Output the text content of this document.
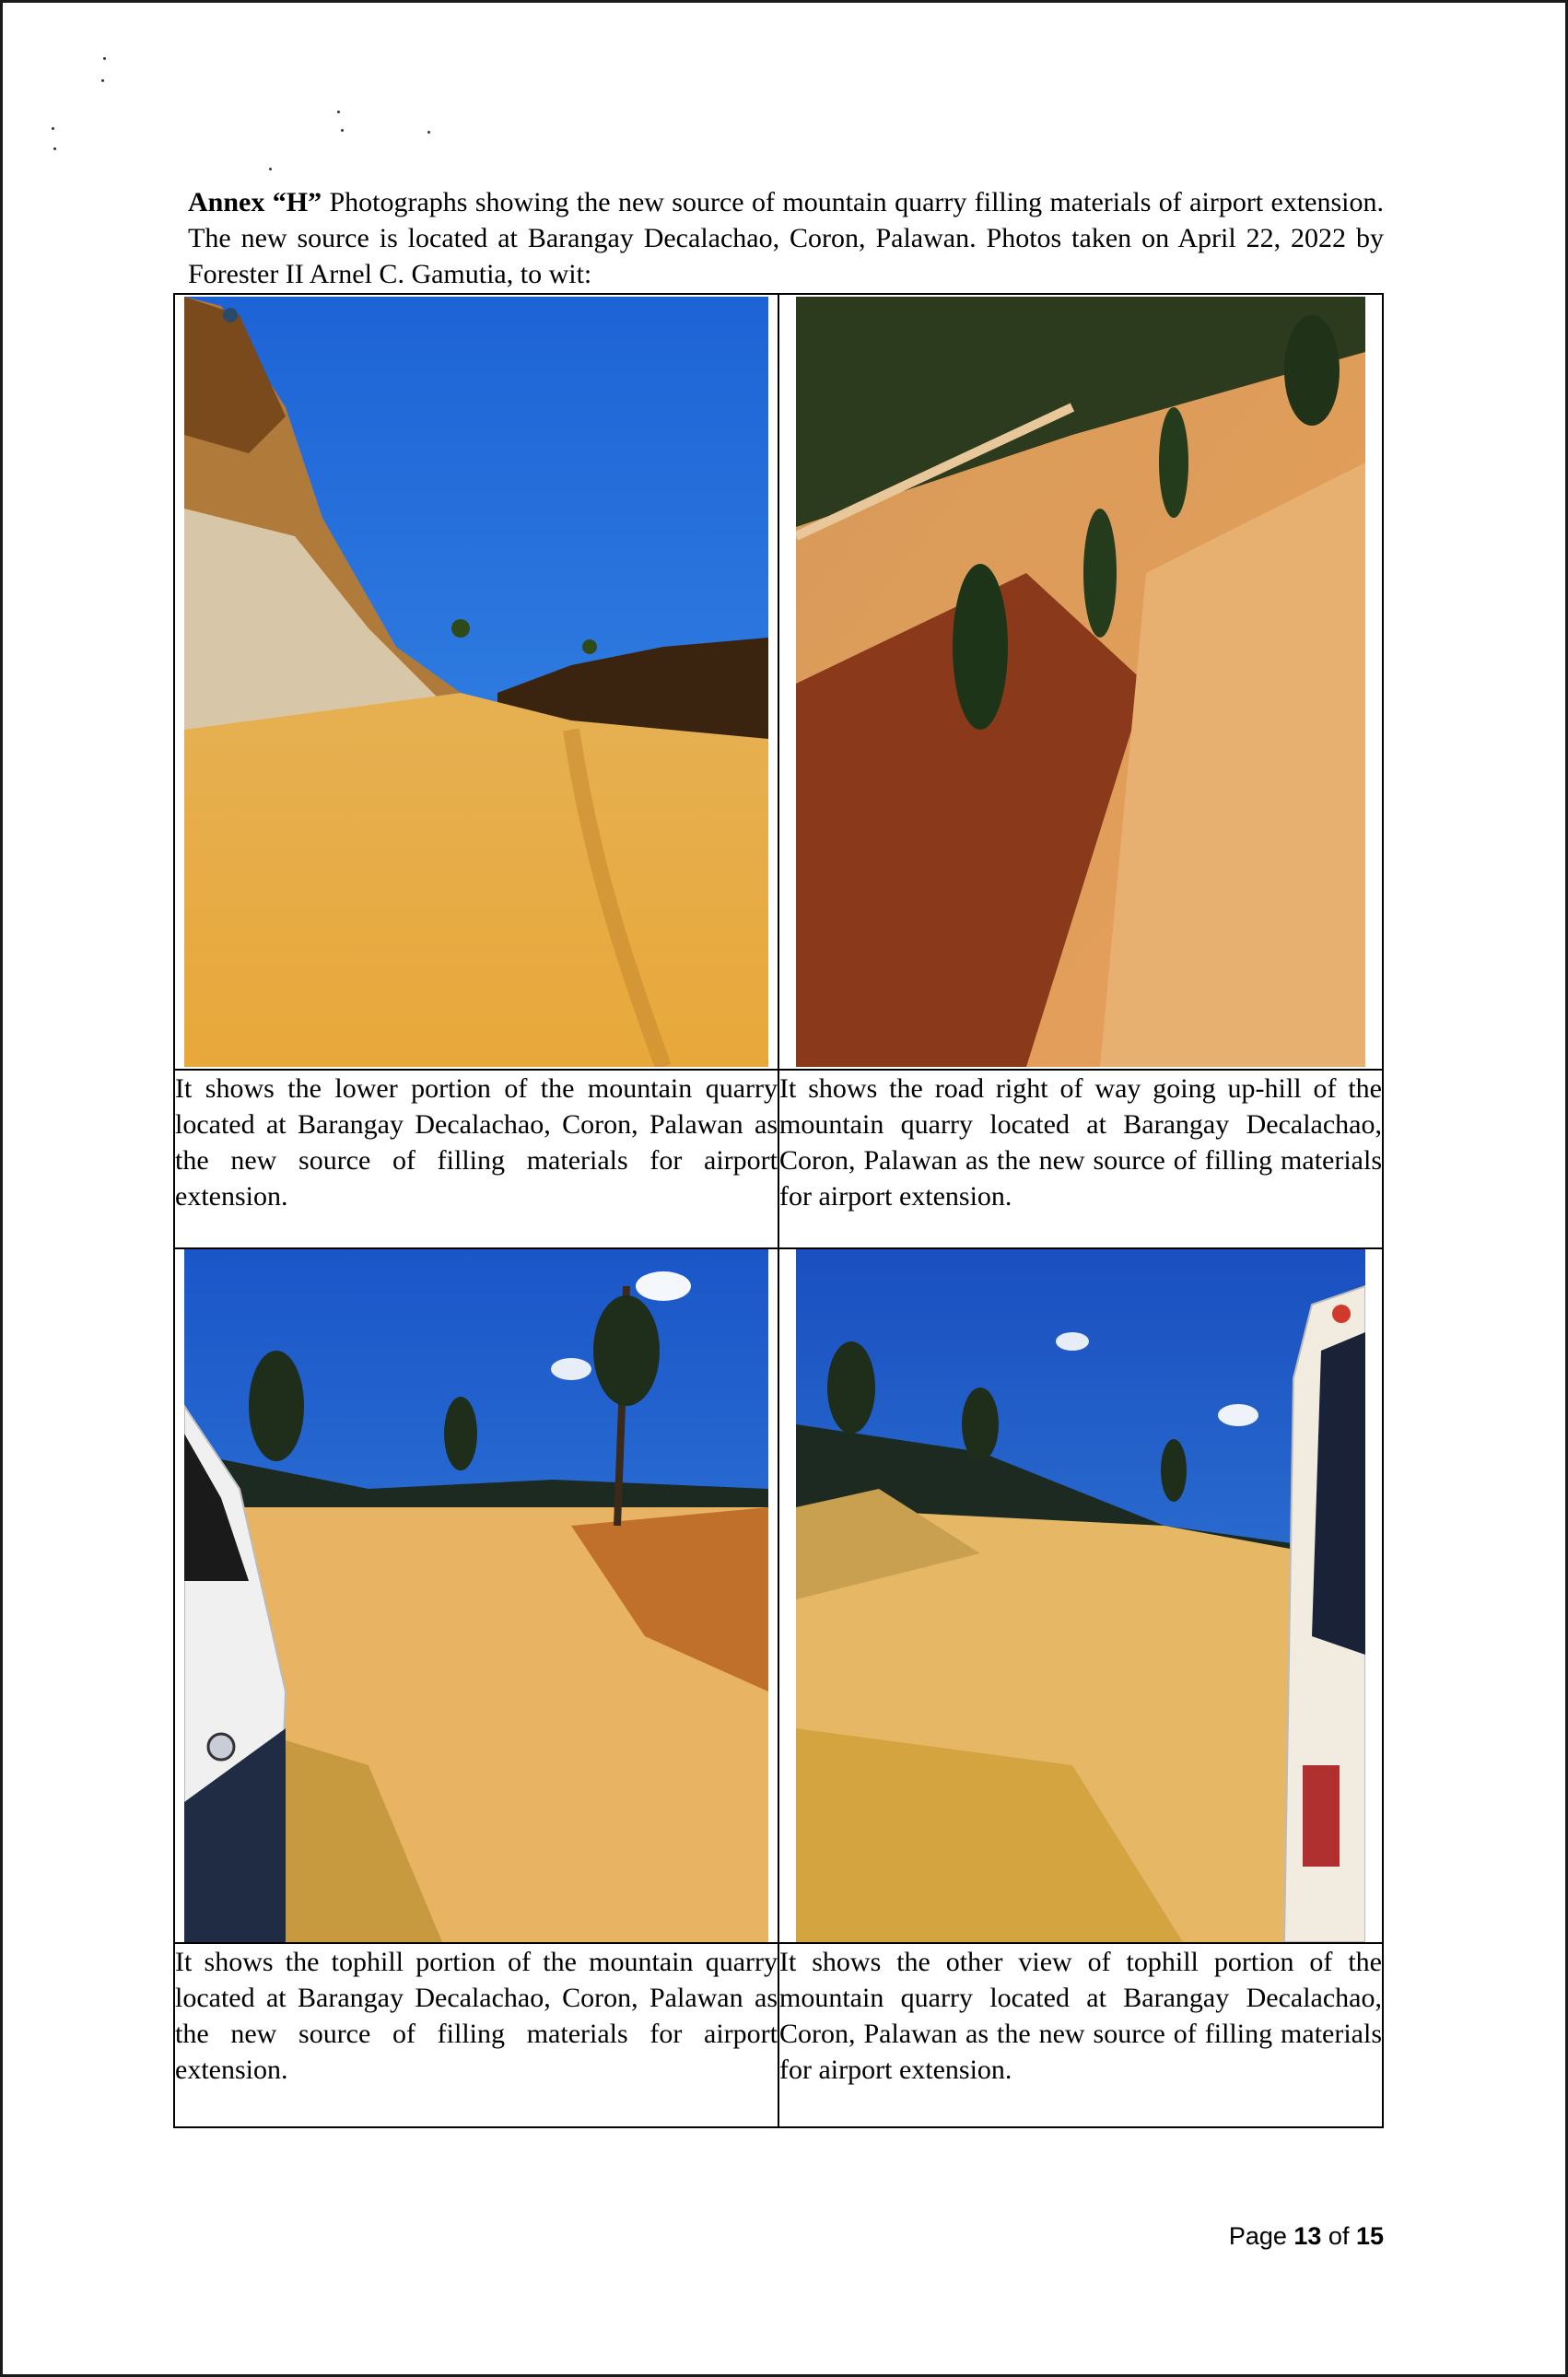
Annex “H” Photographs showing the new source of mountain quarry filling materials of airport extension. The new source is located at Barangay Decalachao, Coron, Palawan. Photos taken on April 22, 2022 by Forester II Arnel C. Gamutia, to wit:

It shows the lower portion of the mountain quarry located at Barangay Decalachao, Coron, Palawan as the new source of filling materials for airport extension.	It shows the road right of way going up-hill of the mountain quarry located at Barangay Decalachao, Coron, Palawan as the new source of filling materials for airport extension.

It shows the tophill portion of the mountain quarry located at Barangay Decalachao, Coron, Palawan as the new source of filling materials for airport extension.	It shows the other view of tophill portion of the mountain quarry located at Barangay Decalachao, Coron, Palawan as the new source of filling materials for airport extension.
Page 13 of 15
